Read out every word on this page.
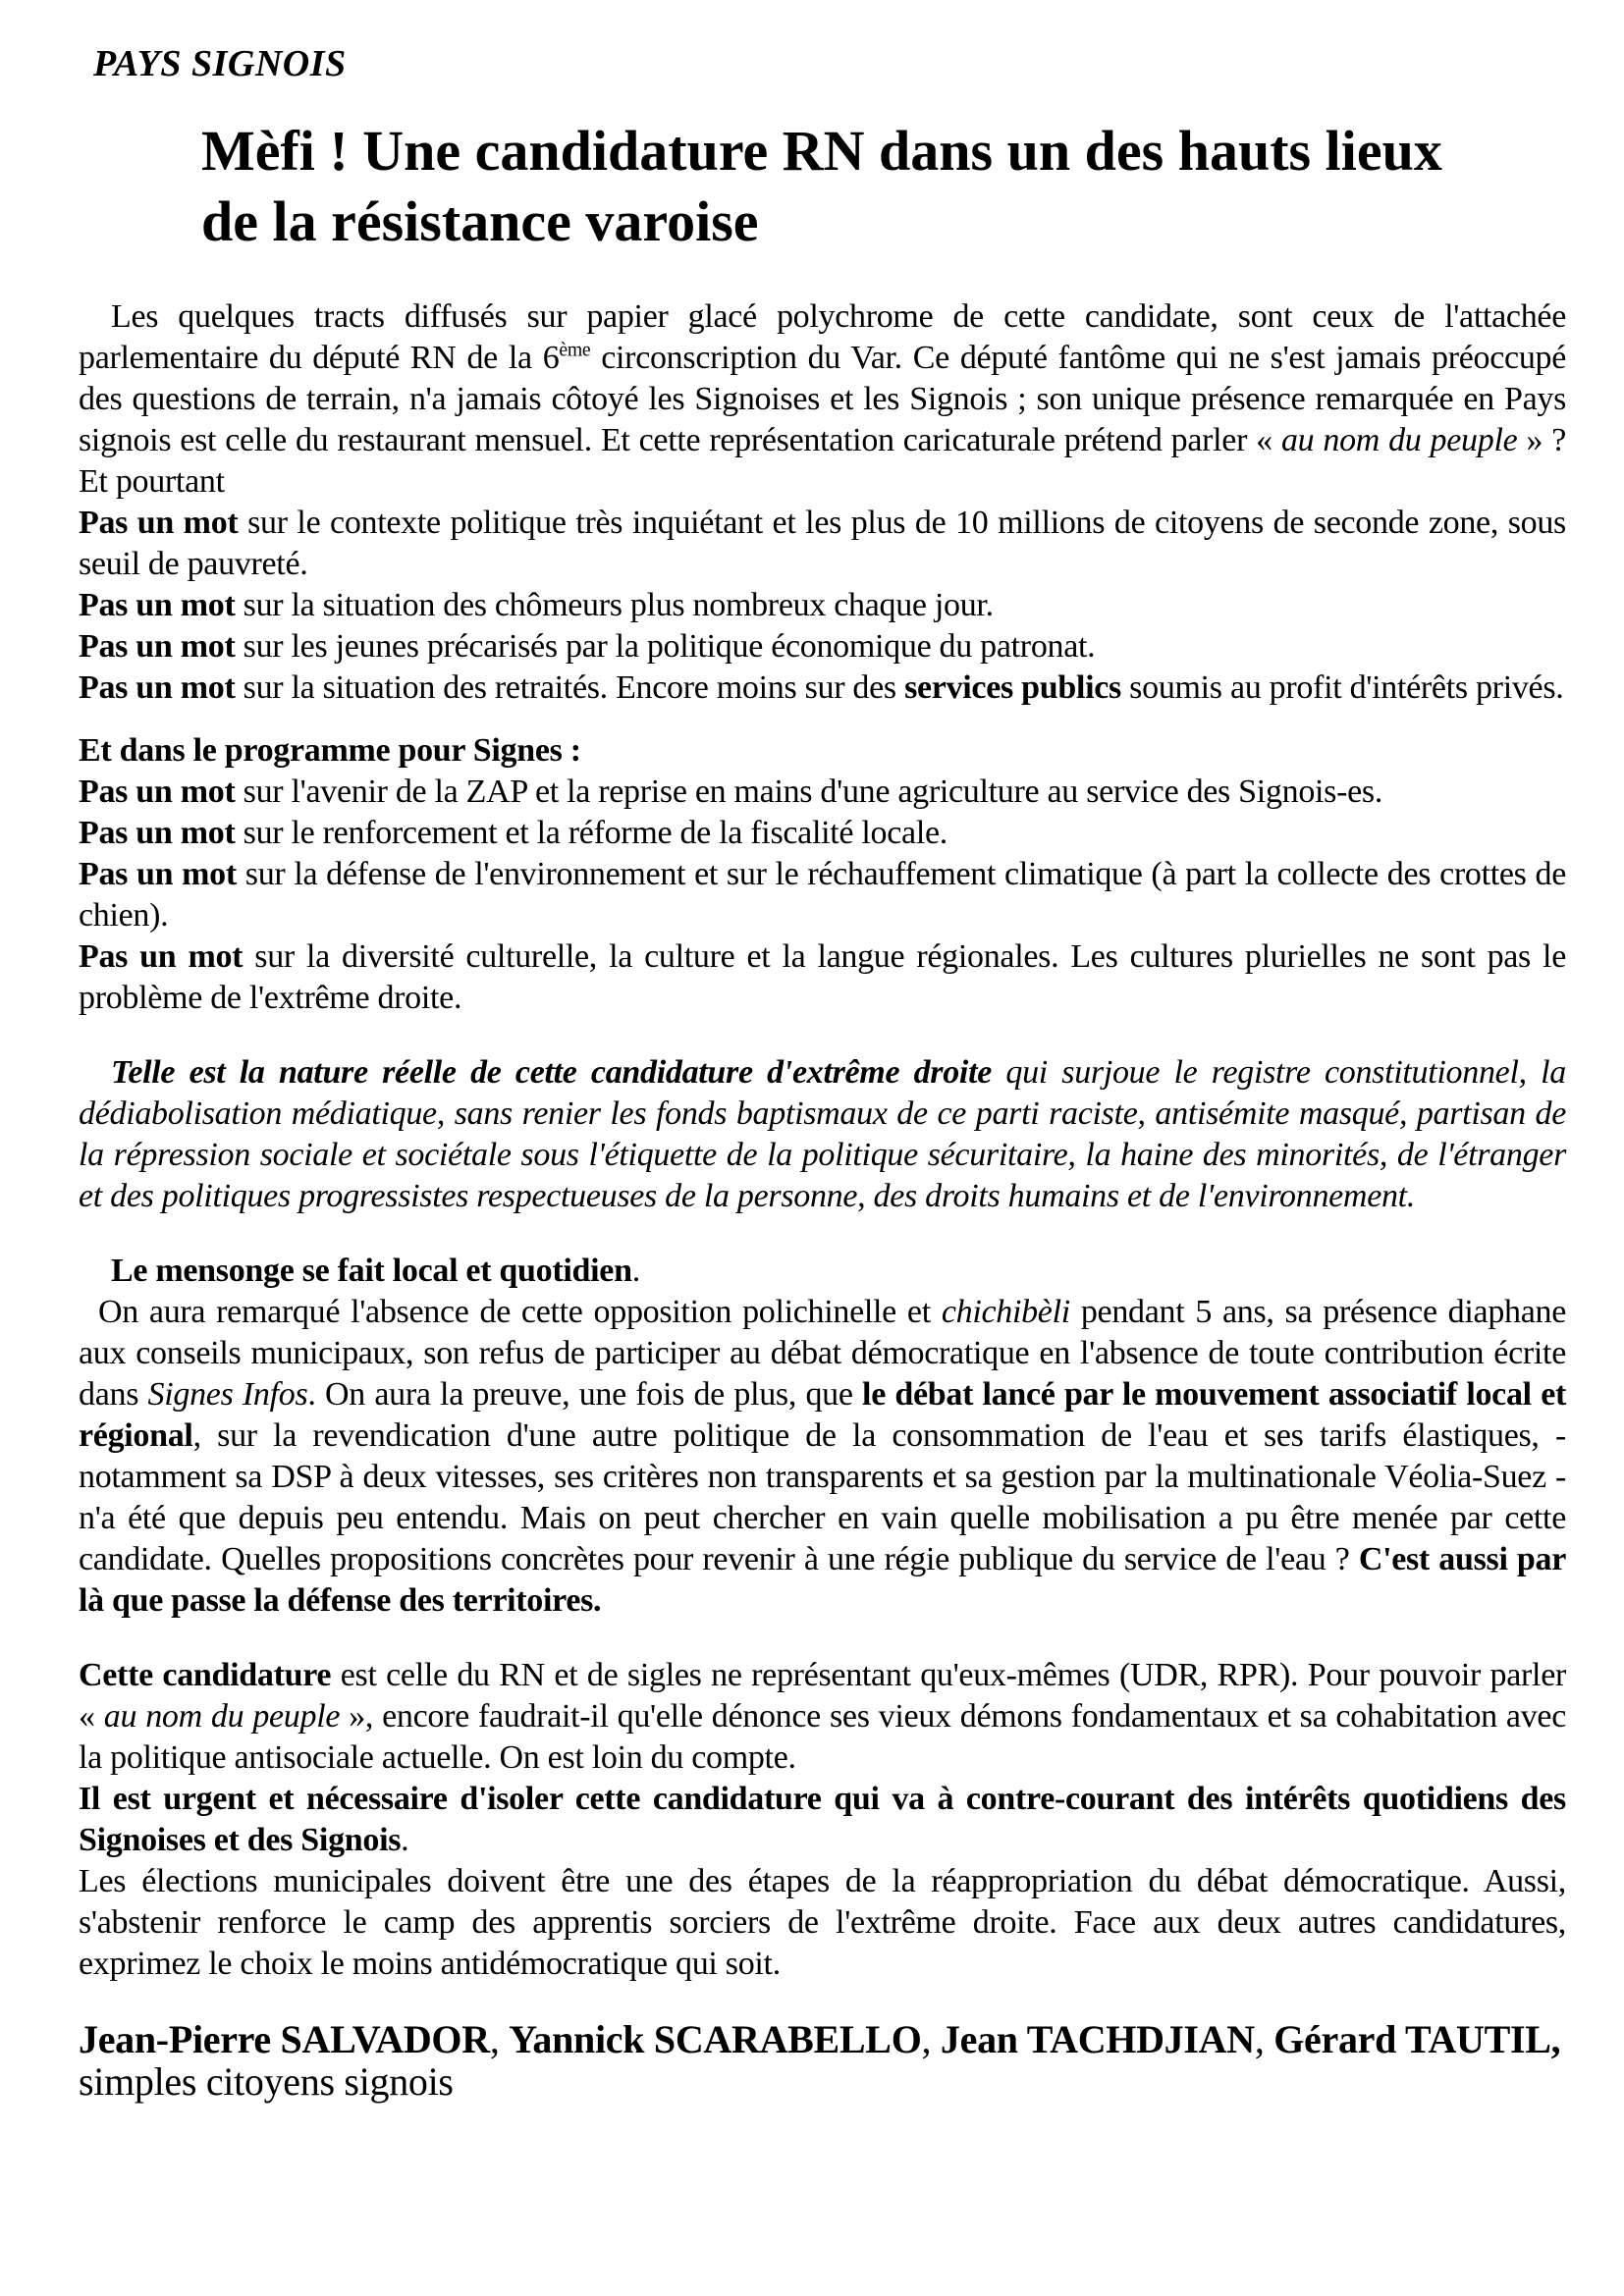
PAYS SIGNOIS
Mèfi ! Une candidature RN dans un des hauts lieux de la résistance varoise

Les quelques tracts diffusés sur papier glacé polychrome de cette candidate, sont ceux de l'attachée parlementaire du député RN de la 6ème circonscription du Var. Ce député fantôme qui ne s'est jamais préoccupé des questions de terrain, n'a jamais côtoyé les Signoises et les Signois ; son unique présence remarquée en Pays signois est celle du restaurant mensuel. Et cette représentation caricaturale prétend parler « au nom du peuple » ? Et pourtant

Pas un mot sur le contexte politique très inquiétant et les plus de 10 millions de citoyens de seconde zone, sous seuil de pauvreté.

Pas un mot sur la situation des chômeurs plus nombreux chaque jour.

Pas un mot sur les jeunes précarisés par la politique économique du patronat.

Pas un mot sur la situation des retraités. Encore moins sur des services publics soumis au profit d'intérêts privés.

Et dans le programme pour Signes :

Pas un mot sur l'avenir de la ZAP et la reprise en mains d'une agriculture au service des Signois-es.

Pas un mot sur le renforcement et la réforme de la fiscalité locale.

Pas un mot sur la défense de l'environnement et sur le réchauffement climatique (à part la collecte des crottes de chien).

Pas un mot sur la diversité culturelle, la culture et la langue régionales. Les cultures plurielles ne sont pas le problème de l'extrême droite.

Telle est la nature réelle de cette candidature d'extrême droite qui surjoue le registre constitutionnel, la dédiabolisation médiatique, sans renier les fonds baptismaux de ce parti raciste, antisémite masqué, partisan de la répression sociale et sociétale sous l'étiquette de la politique sécuritaire, la haine des minorités, de l'étranger et des politiques progressistes respectueuses de la personne, des droits humains et de l'environnement.

Le mensonge se fait local et quotidien.

On aura remarqué l'absence de cette opposition polichinelle et chichibèli pendant 5 ans, sa présence diaphane aux conseils municipaux, son refus de participer au débat démocratique en l'absence de toute contribution écrite dans Signes Infos. On aura la preuve, une fois de plus, que le débat lancé par le mouvement associatif local et régional, sur la revendication d'une autre politique de la consommation de l'eau et ses tarifs élastiques, - notamment sa DSP à deux vitesses, ses critères non transparents et sa gestion par la multinationale Véolia-Suez - n'a été que depuis peu entendu. Mais on peut chercher en vain quelle mobilisation a pu être menée par cette candidate. Quelles propositions concrètes pour revenir à une régie publique du service de l'eau ? C'est aussi par là que passe la défense des territoires.

Cette candidature est celle du RN et de sigles ne représentant qu'eux-mêmes (UDR, RPR). Pour pouvoir parler « au nom du peuple », encore faudrait-il qu'elle dénonce ses vieux démons fondamentaux et sa cohabitation avec la politique antisociale actuelle. On est loin du compte.

Il est urgent et nécessaire d'isoler cette candidature qui va à contre-courant des intérêts quotidiens des Signoises et des Signois.

Les élections municipales doivent être une des étapes de la réappropriation du débat démocratique. Aussi, s'abstenir renforce le camp des apprentis sorciers de l'extrême droite. Face aux deux autres candidatures, exprimez le choix le moins antidémocratique qui soit.

Jean-Pierre SALVADOR, Yannick SCARABELLO, Jean TACHDJIAN, Gérard TAUTIL, simples citoyens signois
